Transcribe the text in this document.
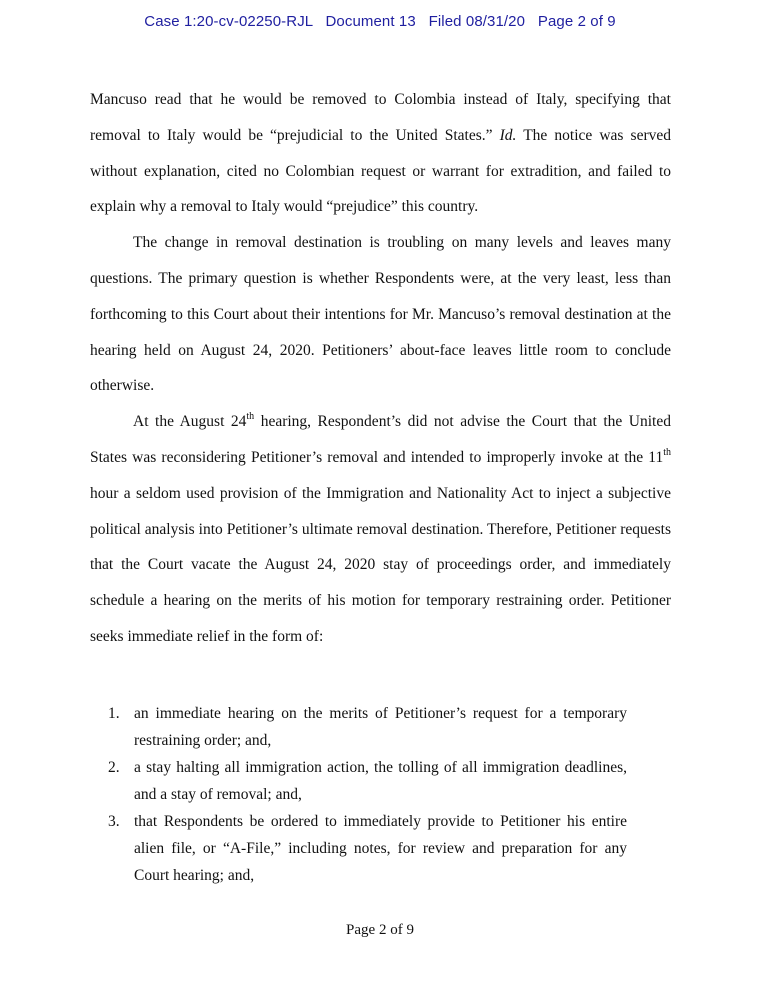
Case 1:20-cv-02250-RJL   Document 13   Filed 08/31/20   Page 2 of 9

Mancuso read that he would be removed to Colombia instead of Italy, specifying that removal to Italy would be “prejudicial to the United States.” Id. The notice was served without explanation, cited no Colombian request or warrant for extradition, and failed to explain why a removal to Italy would “prejudice” this country.

The change in removal destination is troubling on many levels and leaves many questions. The primary question is whether Respondents were, at the very least, less than forthcoming to this Court about their intentions for Mr. Mancuso’s removal destination at the hearing held on August 24, 2020. Petitioners’ about-face leaves little room to conclude otherwise.

At the August 24th hearing, Respondent’s did not advise the Court that the United States was reconsidering Petitioner’s removal and intended to improperly invoke at the 11th hour a seldom used provision of the Immigration and Nationality Act to inject a subjective political analysis into Petitioner’s ultimate removal destination. Therefore, Petitioner requests that the Court vacate the August 24, 2020 stay of proceedings order, and immediately schedule a hearing on the merits of his motion for temporary restraining order. Petitioner seeks immediate relief in the form of:

1. an immediate hearing on the merits of Petitioner’s request for a temporary restraining order; and,
2. a stay halting all immigration action, the tolling of all immigration deadlines, and a stay of removal; and,
3. that Respondents be ordered to immediately provide to Petitioner his entire alien file, or “A-File,” including notes, for review and preparation for any Court hearing; and,
Page 2 of 9
